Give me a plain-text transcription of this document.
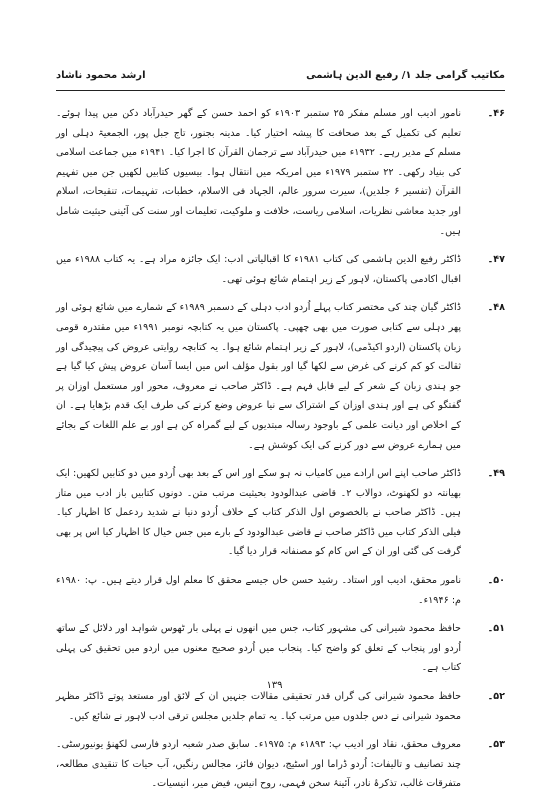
مکاتیب گرامی جلد ۱/ رفیع الدین ہاشمی
ارشد محمود ناشاد
۴۶۔
نامور ادیب اور مسلم مفکر ۲۵ ستمبر ۱۹۰۳ء کو احمد حسن کے گھر حیدرآباد دکن میں پیدا ہوئے۔ تعلیم کی تکمیل کے بعد صحافت کا پیشہ اختیار کیا۔ مدینہ بجنور، تاج جبل پور، الجمعیۃ دہلی اور مسلم کے مدیر رہے۔ ۱۹۳۲ء میں حیدرآباد سے ترجمان القرآن کا اجرا کیا۔ ۱۹۴۱ء میں جماعت اسلامی کی بنیاد رکھی۔ ۲۲ ستمبر ۱۹۷۹ء میں امریکہ میں انتقال ہوا۔ بیسیوں کتابیں لکھیں جن میں تفہیم القرآن (تفسیر ۶ جلدیں)، سیرت سرور عالم، الجہاد فی الاسلام، خطبات، تفہیمات، تنقیحات، اسلام اور جدید معاشی نظریات، اسلامی ریاست، خلافت و ملوکیت، تعلیمات اور سنت کی آئینی حیثیت شامل ہیں۔
۴۷۔
ڈاکٹر رفیع الدین ہاشمی کی کتاب ۱۹۸۱ء کا اقبالیاتی ادب: ایک جائزہ مراد ہے۔ یہ کتاب ۱۹۸۸ء میں اقبال اکادمی پاکستان، لاہور کے زیر اہتمام شائع ہوئی تھی۔
۴۸۔
ڈاکٹر گیان چند کی مختصر کتاب پہلے اُردو ادب دہلی کے دسمبر ۱۹۸۹ء کے شمارے میں شائع ہوئی اور پھر دہلی سے کتابی صورت میں بھی چھپی۔ پاکستان میں یہ کتابچہ نومبر ۱۹۹۱ء میں مقتدرہ قومی زبان پاکستان (اردو اکیڈمی)، لاہور کے زیر اہتمام شائع ہوا۔ یہ کتابچہ روایتی عروض کی پیچیدگی اور ثقالت کو کم کرنے کی غرض سے لکھا گیا اور بقول مؤلف اس میں ایسا آسان عروض پیش کیا گیا ہے جو ہندی زبان کے شعر کے لیے قابل فہم ہے۔ ڈاکٹر صاحب نے معروف، محور اور مستعمل اوزان پر گفتگو کی ہے اور ہندی اوزان کے اشتراک سے نیا عروض وضع کرنے کی طرف ایک قدم بڑھایا ہے۔ ان کے اخلاص اور دیانت علمی کے باوجود رسالہ مبتدیوں کے لیے گمراہ کن ہے اور بے علم اللغات کے بجائے میں ہمارے عروض سے دور کرنے کی ایک کوشش ہے۔
۴۹۔
ڈاکٹر صاحب اپنے اس ارادے میں کامیاب نہ ہو سکے اور اس کے بعد بھی اُردو میں دو کتابیں لکھیں: ایک بھیانتہ دو لکھنوٹ، دوالاب ۲۔ قاضی عبدالودود بحیثیت مرتب متن۔ دونوں کتابیں باز ادب میں متاز ہیں۔ ڈاکٹر صاحب نے بالخصوص اول الذکر کتاب کے خلاف اُردو دنیا نے شدید ردعمل کا اظہار کیا۔ فیلی الذکر کتاب میں ڈاکٹر صاحب نے قاضی عبدالودود کے بارے میں جس خیال کا اظہار کیا اس پر بھی گرفت کی گئی اور ان کے اس کام کو مصنفانہ قرار دیا گیا۔
۵۰۔
نامور محقق، ادیب اور استاد۔ رشید حسن خاں جیسے محقق کا معلم اول قرار دیتے ہیں۔ پ: ۱۹۸۰ء م: ۱۹۴۶ء۔
۵۱۔
حافظ محمود شیرانی کی مشہور کتاب، جس میں انھوں نے پہلی بار ٹھوس شواہد اور دلائل کے ساتھ اُردو اور پنجاب کے تعلق کو واضح کیا۔ پنجاب میں اُردو صحیح معنوں میں اردو میں تحقیق کی پہلی کتاب ہے۔
۵۲۔
حافظ محمود شیرانی کی گراں قدر تحقیقی مقالات جنہیں ان کے لائق اور مستعد پوتے ڈاکٹر مظہر محمود شیرانی نے دس جلدوں میں مرتب کیا۔ یہ تمام جلدیں مجلس ترقی ادب لاہور نے شائع کیں۔
۵۳۔
معروف محقق، نقاد اور ادیب پ: ۱۸۹۳ء م: ۱۹۷۵ء۔ سابق صدر شعبہ اردو فارسی لکھنؤ یونیورسٹی۔ چند تصانیف و تالیفات: اُردو ڈراما اور اسٹیج، دیوان فائز، مجالس رنگیں، آب حیات کا تنقیدی مطالعہ، متفرقات غالب، تذکرۂ نادر، آئینۂ سخن فہمی، روح انیس، فیض میر، انیسیات۔
۱۳۹
